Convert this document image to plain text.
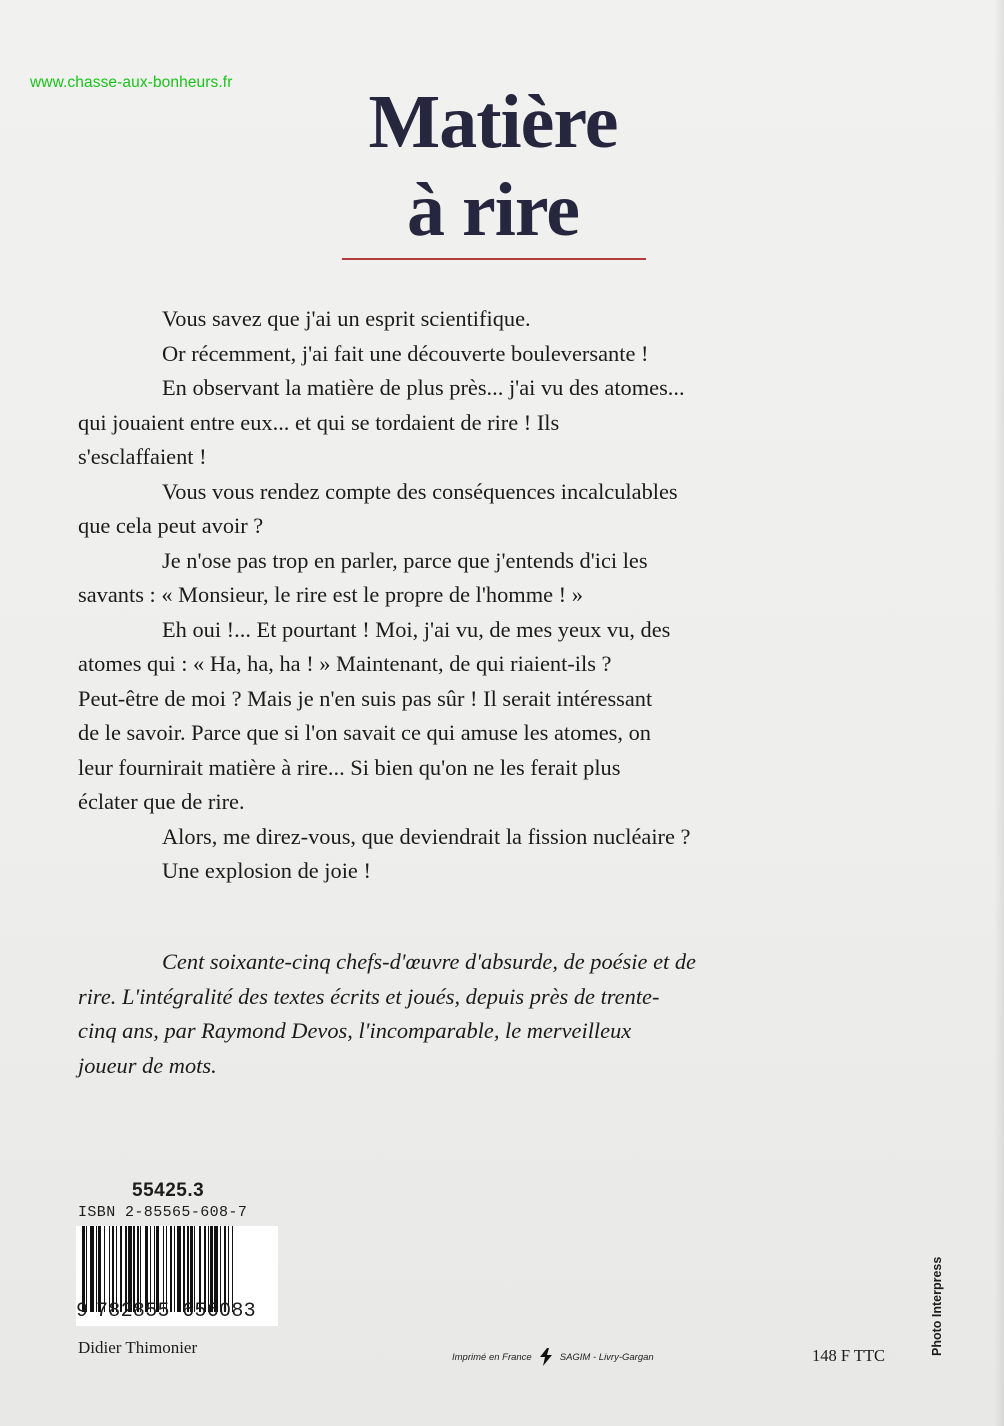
www.chasse-aux-bonheurs.fr	Matière
à rire

Vous savez que j'ai un esprit scientifique.

Or récemment, j'ai fait une découverte bouleversante !

En observant la matière de plus près... j'ai vu des atomes...

qui jouaient entre eux... et qui se tordaient de rire ! Ils

s'esclaffaient !

Vous vous rendez compte des conséquences incalculables

que cela peut avoir ?

Je n'ose pas trop en parler, parce que j'entends d'ici les

savants : « Monsieur, le rire est le propre de l'homme ! »

Eh oui !... Et pourtant ! Moi, j'ai vu, de mes yeux vu, des

atomes qui : « Ha, ha, ha ! » Maintenant, de qui riaient-ils ?

Peut-être de moi ? Mais je n'en suis pas sûr ! Il serait intéressant

de le savoir. Parce que si l'on savait ce qui amuse les atomes, on

leur fournirait matière à rire... Si bien qu'on ne les ferait plus

éclater que de rire.

Alors, me direz-vous, que deviendrait la fission nucléaire ?

Une explosion de joie !

Cent soixante-cinq chefs-d'œuvre d'absurde, de poésie et de

rire. L'intégralité des textes écrits et joués, depuis près de trente-

cinq ans, par Raymond Devos, l'incomparable, le merveilleux

joueur de mots.

55425.3
ISBN 2-85565-608-7
9 782855 656083
Didier Thimonier	Imprimé en France	SAGIM - Livry-Gargan	148 F TTC	Photo Interpress
